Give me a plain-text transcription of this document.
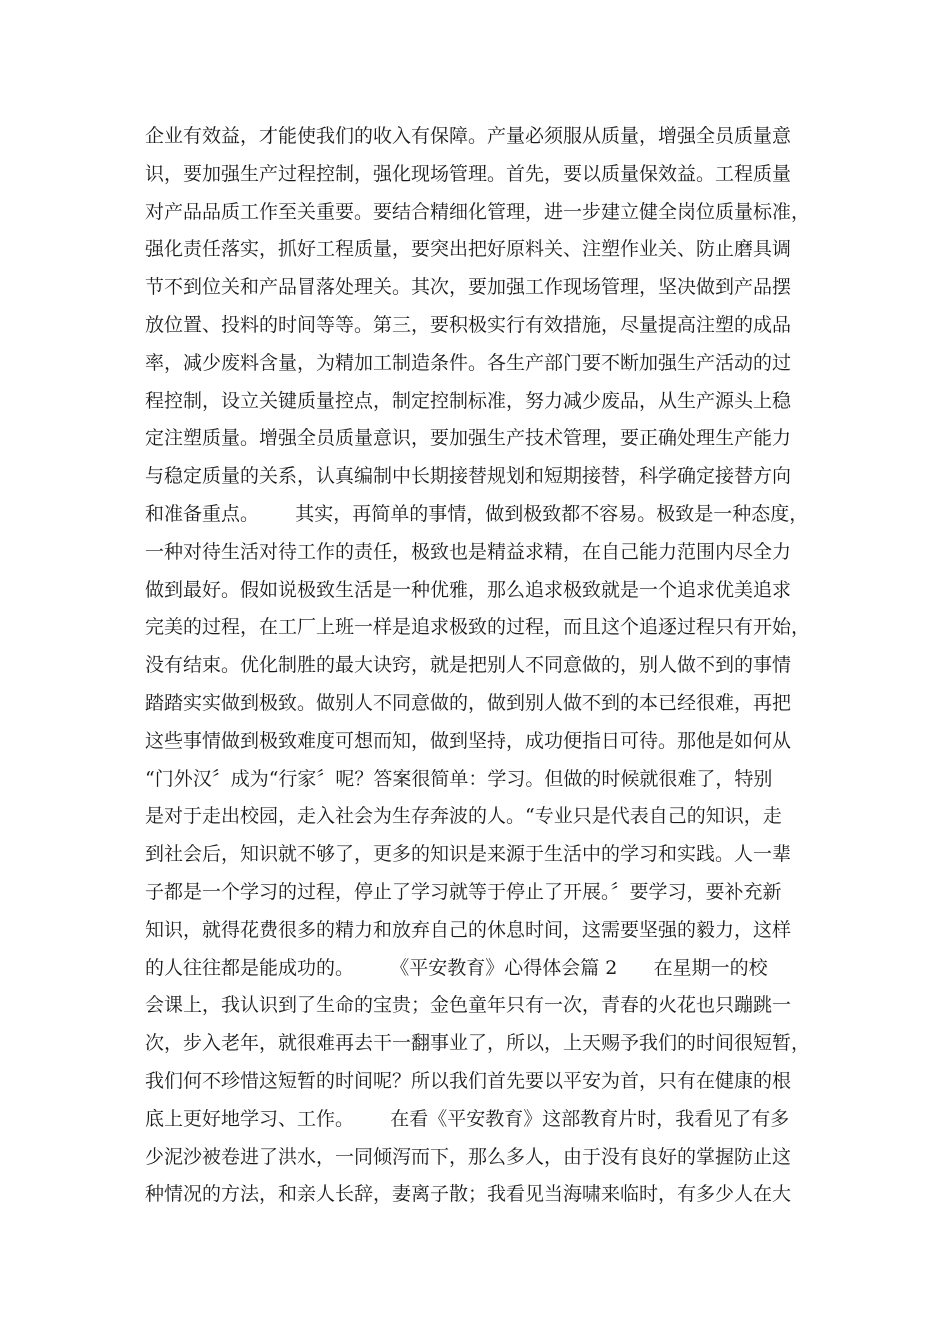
企业有效益，才能使我们的收入有保障。产量必须服从质量，增强全员质量意
识，要加强生产过程控制，强化现场管理。首先，要以质量保效益。工程质量
对产品品质工作至关重要。要结合精细化管理，进一步建立健全岗位质量标准，
强化责任落实，抓好工程质量，要突出把好原料关、注塑作业关、防止磨具调
节不到位关和产品冒落处理关。其次，要加强工作现场管理，坚决做到产品摆
放位置、投料的时间等等。第三，要积极实行有效措施，尽量提高注塑的成品
率，减少废料含量，为精加工制造条件。各生产部门要不断加强生产活动的过
程控制，设立关键质量控点，制定控制标准，努力减少废品，从生产源头上稳
定注塑质量。增强全员质量意识，要加强生产技术管理，要正确处理生产能力
与稳定质量的关系，认真编制中长期接替规划和短期接替，科学确定接替方向
和准备重点。      其实，再简单的事情，做到极致都不容易。极致是一种态度，
一种对待生活对待工作的责任，极致也是精益求精，在自己能力范围内尽全力
做到最好。假如说极致生活是一种优雅，那么追求极致就是一个追求优美追求
完美的过程，在工厂上班一样是追求极致的过程，而且这个追逐过程只有开始，
没有结束。优化制胜的最大诀窍，就是把别人不同意做的，别人做不到的事情
踏踏实实做到极致。做别人不同意做的，做到别人做不到的本已经很难，再把
这些事情做到极致难度可想而知，做到坚持，成功便指日可待。那他是如何从
“门外汉〞成为“行家〞呢？答案很简单：学习。但做的时候就很难了，特别
是对于走出校园，走入社会为生存奔波的人。“专业只是代表自己的知识，走
到社会后，知识就不够了，更多的知识是来源于生活中的学习和实践。人一辈
子都是一个学习的过程，停止了学习就等于停止了开展。〞要学习，要补充新
知识，就得花费很多的精力和放弃自己的休息时间，这需要坚强的毅力，这样
的人往往都是能成功的。      《平安教育》心得体会篇 2      在星期一的校
会课上，我认识到了生命的宝贵；金色童年只有一次，青春的火花也只蹦跳一
次，步入老年，就很难再去干一翻事业了，所以，上天赐予我们的时间很短暂，
我们何不珍惜这短暂的时间呢？所以我们首先要以平安为首，只有在健康的根
底上更好地学习、工作。      在看《平安教育》这部教育片时，我看见了有多
少泥沙被卷进了洪水，一同倾泻而下，那么多人，由于没有良好的掌握防止这
种情况的方法，和亲人长辞，妻离子散；我看见当海啸来临时，有多少人在大
